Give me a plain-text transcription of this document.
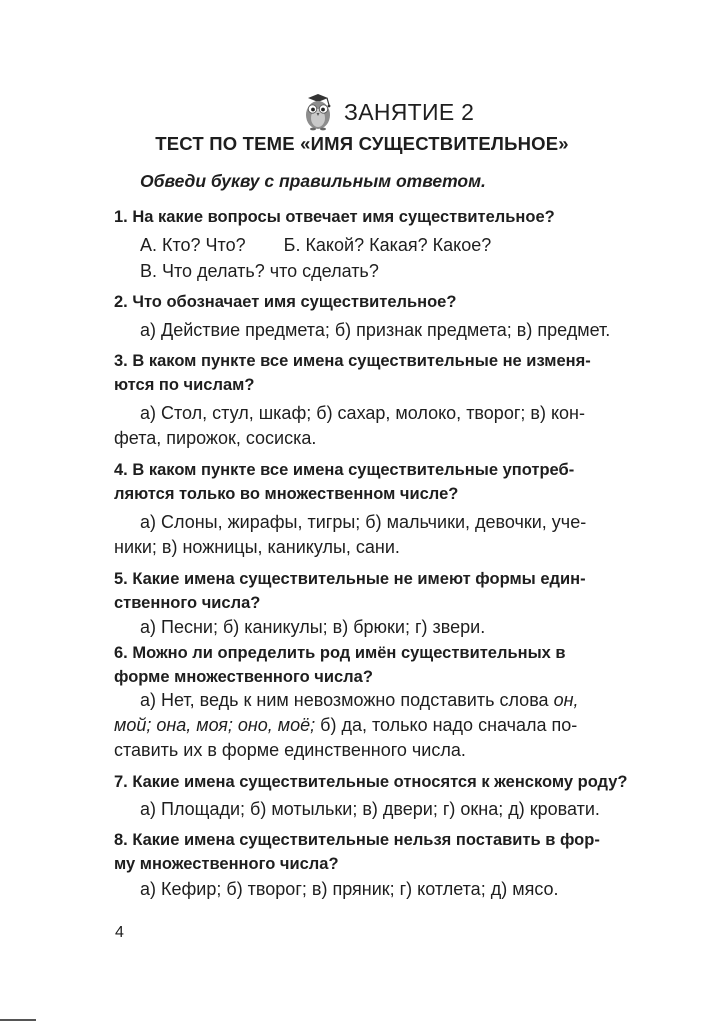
ЗАНЯТИЕ 2
ТЕСТ ПО ТЕМЕ «ИМЯ СУЩЕСТВИТЕЛЬНОЕ»
Обведи букву с правильным ответом.
1. На какие вопросы отвечает имя существительное?
А. Кто? Что? Б. Какой? Какая? Какое?
В. Что делать? что сделать?
2. Что обозначает имя существительное?
а) Действие предмета; б) признак предмета; в) предмет.
3. В каком пункте все имена существительные не изменя-
ются по числам?
а) Стол, стул, шкаф; б) сахар, молоко, творог; в) кон-
фета, пирожок, сосиска.
4. В каком пункте все имена существительные употреб-
ляются только во множественном числе?
а) Слоны, жирафы, тигры; б) мальчики, девочки, уче-
ники; в) ножницы, каникулы, сани.
5. Какие имена существительные не имеют формы един-
ственного числа?
а) Песни; б) каникулы; в) брюки; г) звери.
6. Можно ли определить род имён существительных в
форме множественного числа?
а) Нет, ведь к ним невозможно подставить слова он,
мой; она, моя; оно, моё; б) да, только надо сначала по-
ставить их в форме единственного числа.
7. Какие имена существительные относятся к женскому роду?
а) Площади; б) мотыльки; в) двери; г) окна; д) кровати.
8. Какие имена существительные нельзя поставить в фор-
му множественного числа?
а) Кефир; б) творог; в) пряник; г) котлета; д) мясо.
4
